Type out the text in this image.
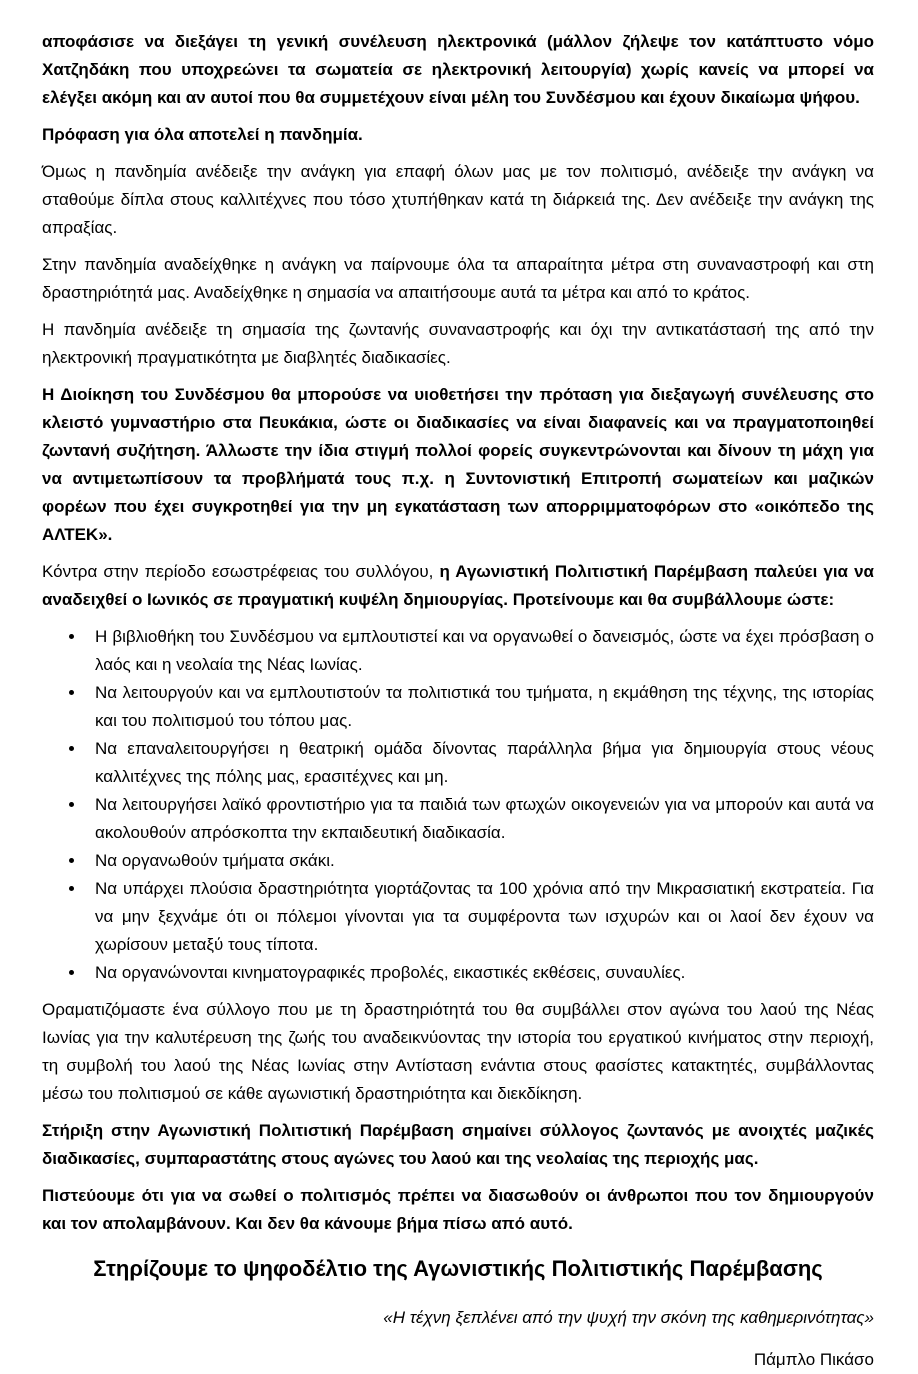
αποφάσισε να διεξάγει τη γενική συνέλευση ηλεκτρονικά (μάλλον ζήλεψε τον κατάπτυστο νόμο Χατζηδάκη που υποχρεώνει τα σωματεία σε ηλεκτρονική λειτουργία) χωρίς κανείς να μπορεί να ελέγξει ακόμη και αν αυτοί που θα συμμετέχουν είναι μέλη του Συνδέσμου και έχουν δικαίωμα ψήφου.

Πρόφαση για όλα αποτελεί η πανδημία.

Όμως η πανδημία ανέδειξε την ανάγκη για επαφή όλων μας με τον πολιτισμό, ανέδειξε την ανάγκη να σταθούμε δίπλα στους καλλιτέχνες που τόσο χτυπήθηκαν κατά τη διάρκειά της. Δεν ανέδειξε την ανάγκη της απραξίας.

Στην πανδημία αναδείχθηκε η ανάγκη να παίρνουμε όλα τα απαραίτητα μέτρα στη συναναστροφή και στη δραστηριότητά μας. Αναδείχθηκε η σημασία να απαιτήσουμε αυτά τα μέτρα και από το κράτος.

Η πανδημία ανέδειξε τη σημασία της ζωντανής συναναστροφής και όχι την αντικατάστασή της από την ηλεκτρονική πραγματικότητα με διαβλητές διαδικασίες.

Η Διοίκηση του Συνδέσμου θα μπορούσε να υιοθετήσει την πρόταση για διεξαγωγή συνέλευσης στο κλειστό γυμναστήριο στα Πευκάκια, ώστε οι διαδικασίες να είναι διαφανείς και να πραγματοποιηθεί ζωντανή συζήτηση. Άλλωστε την ίδια στιγμή πολλοί φορείς συγκεντρώνονται και δίνουν τη μάχη για να αντιμετωπίσουν τα προβλήματά τους π.χ. η Συντονιστική Επιτροπή σωματείων και μαζικών φορέων που έχει συγκροτηθεί για την μη εγκατάσταση των απορριμματοφόρων στο «οικόπεδο της ΑΛΤΕΚ».

Κόντρα στην περίοδο εσωστρέφειας του συλλόγου, η Αγωνιστική Πολιτιστική Παρέμβαση παλεύει για να αναδειχθεί ο Ιωνικός σε πραγματική κυψέλη δημιουργίας. Προτείνουμε και θα συμβάλλουμε ώστε:

• Η βιβλιοθήκη του Συνδέσμου να εμπλουτιστεί και να οργανωθεί ο δανεισμός, ώστε να έχει πρόσβαση ο λαός και η νεολαία της Νέας Ιωνίας.
• Να λειτουργούν και να εμπλουτιστούν τα πολιτιστικά του τμήματα, η εκμάθηση της τέχνης, της ιστορίας και του πολιτισμού του τόπου μας.
• Να επαναλειτουργήσει η θεατρική ομάδα δίνοντας παράλληλα βήμα για δημιουργία στους νέους καλλιτέχνες της πόλης μας, ερασιτέχνες και μη.
• Να λειτουργήσει λαϊκό φροντιστήριο για τα παιδιά των φτωχών οικογενειών για να μπορούν και αυτά να ακολουθούν απρόσκοπτα την εκπαιδευτική διαδικασία.
• Να οργανωθούν τμήματα σκάκι.
• Να υπάρχει πλούσια δραστηριότητα γιορτάζοντας τα 100 χρόνια από την Μικρασιατική εκστρατεία. Για να μην ξεχνάμε ότι οι πόλεμοι γίνονται για τα συμφέροντα των ισχυρών και οι λαοί δεν έχουν να χωρίσουν μεταξύ τους τίποτα.
• Να οργανώνονται κινηματογραφικές προβολές, εικαστικές εκθέσεις, συναυλίες.

Οραματιζόμαστε ένα σύλλογο που με τη δραστηριότητά του θα συμβάλλει στον αγώνα του λαού της Νέας Ιωνίας για την καλυτέρευση της ζωής του αναδεικνύοντας την ιστορία του εργατικού κινήματος στην περιοχή, τη συμβολή του λαού της Νέας Ιωνίας στην Αντίσταση ενάντια στους φασίστες κατακτητές, συμβάλλοντας μέσω του πολιτισμού σε κάθε αγωνιστική δραστηριότητα και διεκδίκηση.

Στήριξη στην Αγωνιστική Πολιτιστική Παρέμβαση σημαίνει σύλλογος ζωντανός με ανοιχτές μαζικές διαδικασίες, συμπαραστάτης στους αγώνες του λαού και της νεολαίας της περιοχής μας.

Πιστεύουμε ότι για να σωθεί ο πολιτισμός πρέπει να διασωθούν οι άνθρωποι που τον δημιουργούν και τον απολαμβάνουν. Και δεν θα κάνουμε βήμα πίσω από αυτό.

Στηρίζουμε το ψηφοδέλτιο της Αγωνιστικής Πολιτιστικής Παρέμβασης

«Η τέχνη ξεπλένει από την ψυχή την σκόνη της καθημερινότητας»

Πάμπλο Πικάσο
